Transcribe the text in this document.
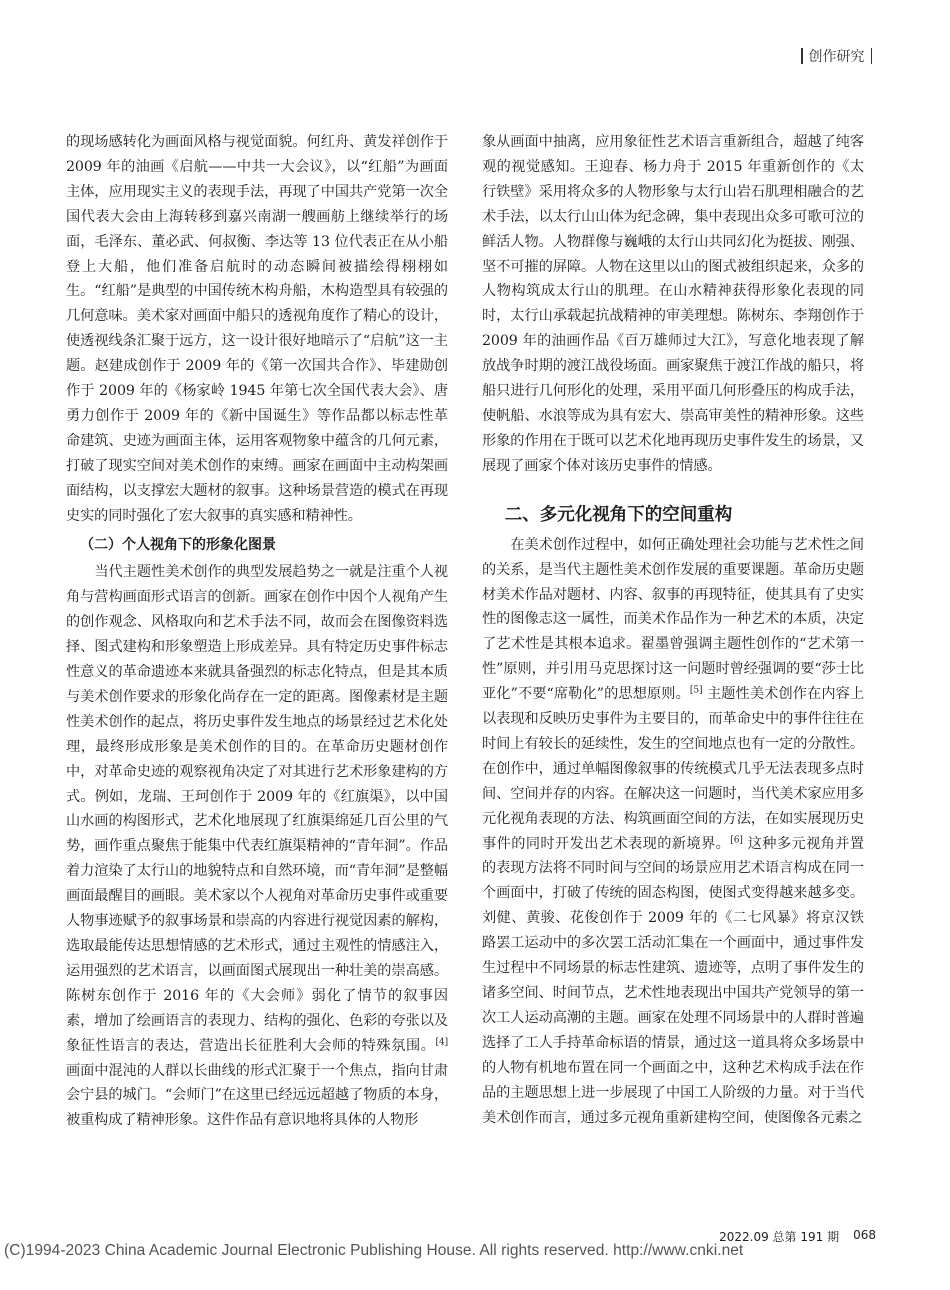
创作研究

的现场感转化为画面风格与视觉面貌。何红舟、黄发祥创作于 2009 年的油画《启航——中共一大会议》，以“红船”为画面主体，应用现实主义的表现手法，再现了中国共产党第一次全国代表大会由上海转移到嘉兴南湖一艘画舫上继续举行的场面，毛泽东、董必武、何叔衡、李达等 13 位代表正在从小船登上大船，他们准备启航时的动态瞬间被描绘得栩栩如生。“红船”是典型的中国传统木构舟船，木构造型具有较强的几何意味。美术家对画面中船只的透视角度作了精心的设计，使透视线条汇聚于远方，这一设计很好地暗示了“启航”这一主题。赵建成创作于 2009 年的《第一次国共合作》、毕建勋创作于 2009 年的《杨家岭 1945 年第七次全国代表大会》、唐勇力创作于 2009 年的《新中国诞生》等作品都以标志性革命建筑、史迹为画面主体，运用客观物象中蕴含的几何元素，打破了现实空间对美术创作的束缚。画家在画面中主动构架画面结构，以支撑宏大题材的叙事。这种场景营造的模式在再现史实的同时强化了宏大叙事的真实感和精神性。

（二）个人视角下的形象化图景

当代主题性美术创作的典型发展趋势之一就是注重个人视角与营构画面形式语言的创新。画家在创作中因个人视角产生的创作观念、风格取向和艺术手法不同，故而会在图像资料选择、图式建构和形象塑造上形成差异。具有特定历史事件标志性意义的革命遗迹本来就具备强烈的标志化特点，但是其本质与美术创作要求的形象化尚存在一定的距离。图像素材是主题性美术创作的起点，将历史事件发生地点的场景经过艺术化处理，最终形成形象是美术创作的目的。在革命历史题材创作中，对革命史迹的观察视角决定了对其进行艺术形象建构的方式。例如，龙瑞、王珂创作于 2009 年的《红旗渠》，以中国山水画的构图形式，艺术化地展现了红旗渠绵延几百公里的气势，画作重点聚焦于能集中代表红旗渠精神的“青年洞”。作品着力渲染了太行山的地貌特点和自然环境，而“青年洞”是整幅画面最醒目的画眼。美术家以个人视角对革命历史事件或重要人物事迹赋予的叙事场景和崇高的内容进行视觉因素的解构，选取最能传达思想情感的艺术形式，通过主观性的情感注入，运用强烈的艺术语言，以画面图式展现出一种壮美的崇高感。陈树东创作于 2016 年的《大会师》弱化了情节的叙事因素，增加了绘画语言的表现力、结构的强化、色彩的夸张以及象征性语言的表达，营造出长征胜利大会师的特殊氛围。[4] 画面中混沌的人群以长曲线的形式汇聚于一个焦点，指向甘肃会宁县的城门。“会师门”在这里已经远远超越了物质的本身，被重构成了精神形象。这件作品有意识地将具体的人物形

象从画面中抽离，应用象征性艺术语言重新组合，超越了纯客观的视觉感知。王迎春、杨力舟于 2015 年重新创作的《太行铁壁》采用将众多的人物形象与太行山岩石肌理相融合的艺术手法，以太行山山体为纪念碑，集中表现出众多可歌可泣的鲜活人物。人物群像与巍峨的太行山共同幻化为挺拔、刚强、坚不可摧的屏障。人物在这里以山的图式被组织起来，众多的人物构筑成太行山的肌理。在山水精神获得形象化表现的同时，太行山承载起抗战精神的审美理想。陈树东、李翔创作于 2009 年的油画作品《百万雄师过大江》，写意化地表现了解放战争时期的渡江战役场面。画家聚焦于渡江作战的船只，将船只进行几何形化的处理，采用平面几何形叠压的构成手法，使帆船、水浪等成为具有宏大、崇高审美性的精神形象。这些形象的作用在于既可以艺术化地再现历史事件发生的场景，又展现了画家个体对该历史事件的情感。

二、多元化视角下的空间重构

在美术创作过程中，如何正确处理社会功能与艺术性之间的关系，是当代主题性美术创作发展的重要课题。革命历史题材美术作品对题材、内容、叙事的再现特征，使其具有了史实性的图像志这一属性，而美术作品作为一种艺术的本质，决定了艺术性是其根本追求。翟墨曾强调主题性创作的“艺术第一性”原则，并引用马克思探讨这一问题时曾经强调的要“莎士比亚化”不要“席勒化”的思想原则。[5] 主题性美术创作在内容上以表现和反映历史事件为主要目的，而革命史中的事件往往在时间上有较长的延续性，发生的空间地点也有一定的分散性。在创作中，通过单幅图像叙事的传统模式几乎无法表现多点时间、空间并存的内容。在解决这一问题时，当代美术家应用多元化视角表现的方法、构筑画面空间的方法，在如实展现历史事件的同时开发出艺术表现的新境界。[6] 这种多元视角并置的表现方法将不同时间与空间的场景应用艺术语言构成在同一个画面中，打破了传统的固态构图，使图式变得越来越多变。刘健、黄骏、花俊创作于 2009 年的《二七风暴》将京汉铁路罢工运动中的多次罢工活动汇集在一个画面中，通过事件发生过程中不同场景的标志性建筑、遗迹等，点明了事件发生的诸多空间、时间节点，艺术性地表现出中国共产党领导的第一次工人运动高潮的主题。画家在处理不同场景中的人群时普遍选择了工人手持革命标语的情景，通过这一道具将众多场景中的人物有机地布置在同一个画面之中，这种艺术构成手法在作品的主题思想上进一步展现了中国工人阶级的力量。对于当代美术创作而言，通过多元视角重新建构空间，使图像各元素之

2022.09 总第 191 期 068
(C)1994-2023 China Academic Journal Electronic Publishing House. All rights reserved. http://www.cnki.net
